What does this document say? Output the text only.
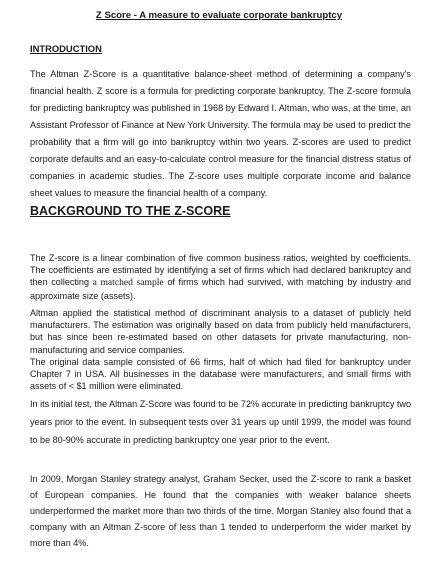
Z Score - A measure to evaluate corporate bankruptcy
INTRODUCTION

The Altman Z-Score is a quantitative balance-sheet method of determining a company's financial health. Z score is a formula for predicting corporate bankruptcy. The Z-score formula for predicting bankruptcy was published in 1968 by Edward I. Altman, who was, at the time, an Assistant Professor of Finance at New York University. The formula may be used to predict the probability that a firm will go into bankruptcy within two years. Z-scores are used to predict corporate defaults and an easy-to-calculate control measure for the financial distress status of companies in academic studies. The Z-score uses multiple corporate income and balance sheet values to measure the financial health of a company.

BACKGROUND TO THE Z-SCORE

The Z-score is a linear combination of five common business ratios, weighted by coefficients. The coefficients are estimated by identifying a set of firms which had declared bankruptcy and then collecting a matched sample of firms which had survived, with matching by industry and approximate size (assets).

Altman applied the statistical method of discriminant analysis to a dataset of publicly held manufacturers. The estimation was originally based on data from publicly held manufacturers, but has since been re-estimated based on other datasets for private manufacturing, non-manufacturing and service companies.

The original data sample consisted of 66 firms, half of which had filed for bankruptcy under Chapter 7 in USA. All businesses in the database were manufacturers, and small firms with assets of < $1 million were eliminated.

In its initial test, the Altman Z-Score was found to be 72% accurate in predicting bankruptcy two years prior to the event. In subsequent tests over 31 years up until 1999, the model was found to be 80-90% accurate in predicting bankruptcy one year prior to the event.

In 2009, Morgan Stanley strategy analyst, Graham Secker, used the Z-score to rank a basket of European companies. He found that the companies with weaker balance sheets underperformed the market more than two thirds of the time. Morgan Stanley also found that a company with an Altman Z-score of less than 1 tended to underperform the wider market by more than 4%.
